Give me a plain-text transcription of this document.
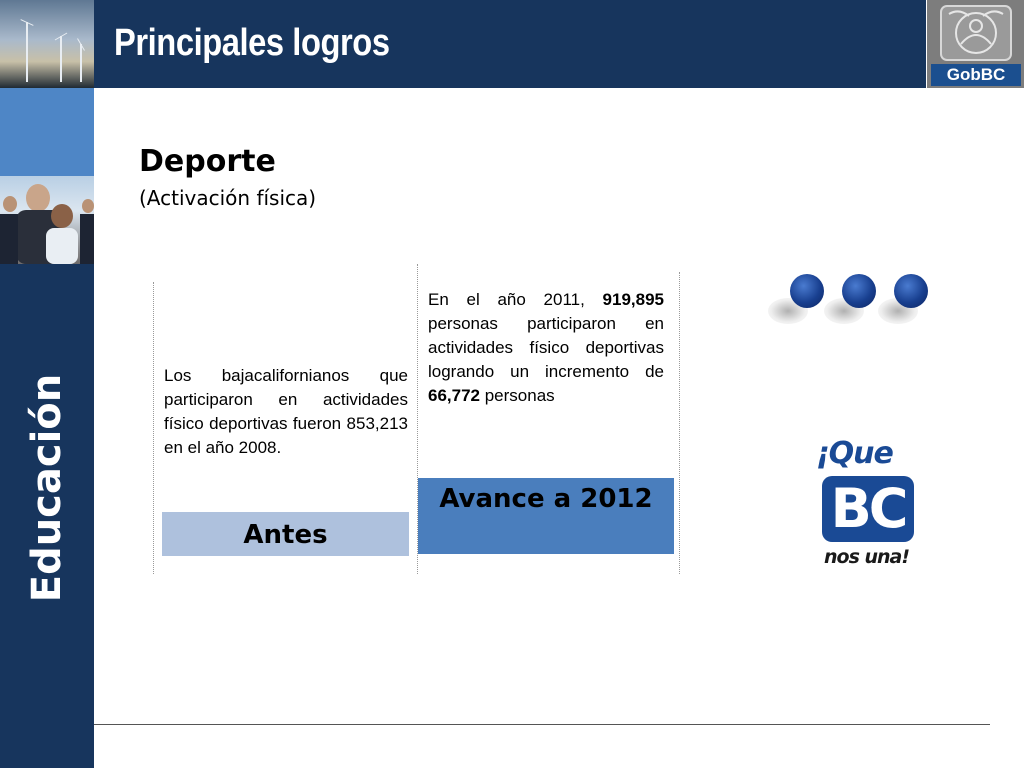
Principales logros
GobBC
Educación
Deporte
(Activación física)
Los bajacalifornianos que participaron en actividades físico deportivas fueron 853,213 en el año 2008.
Antes
En el año 2011, 919,895 personas participaron en actividades físico deportivas logrando un incremento de 66,772 personas
Avance a 2012
¡Que
BC
nos una!
